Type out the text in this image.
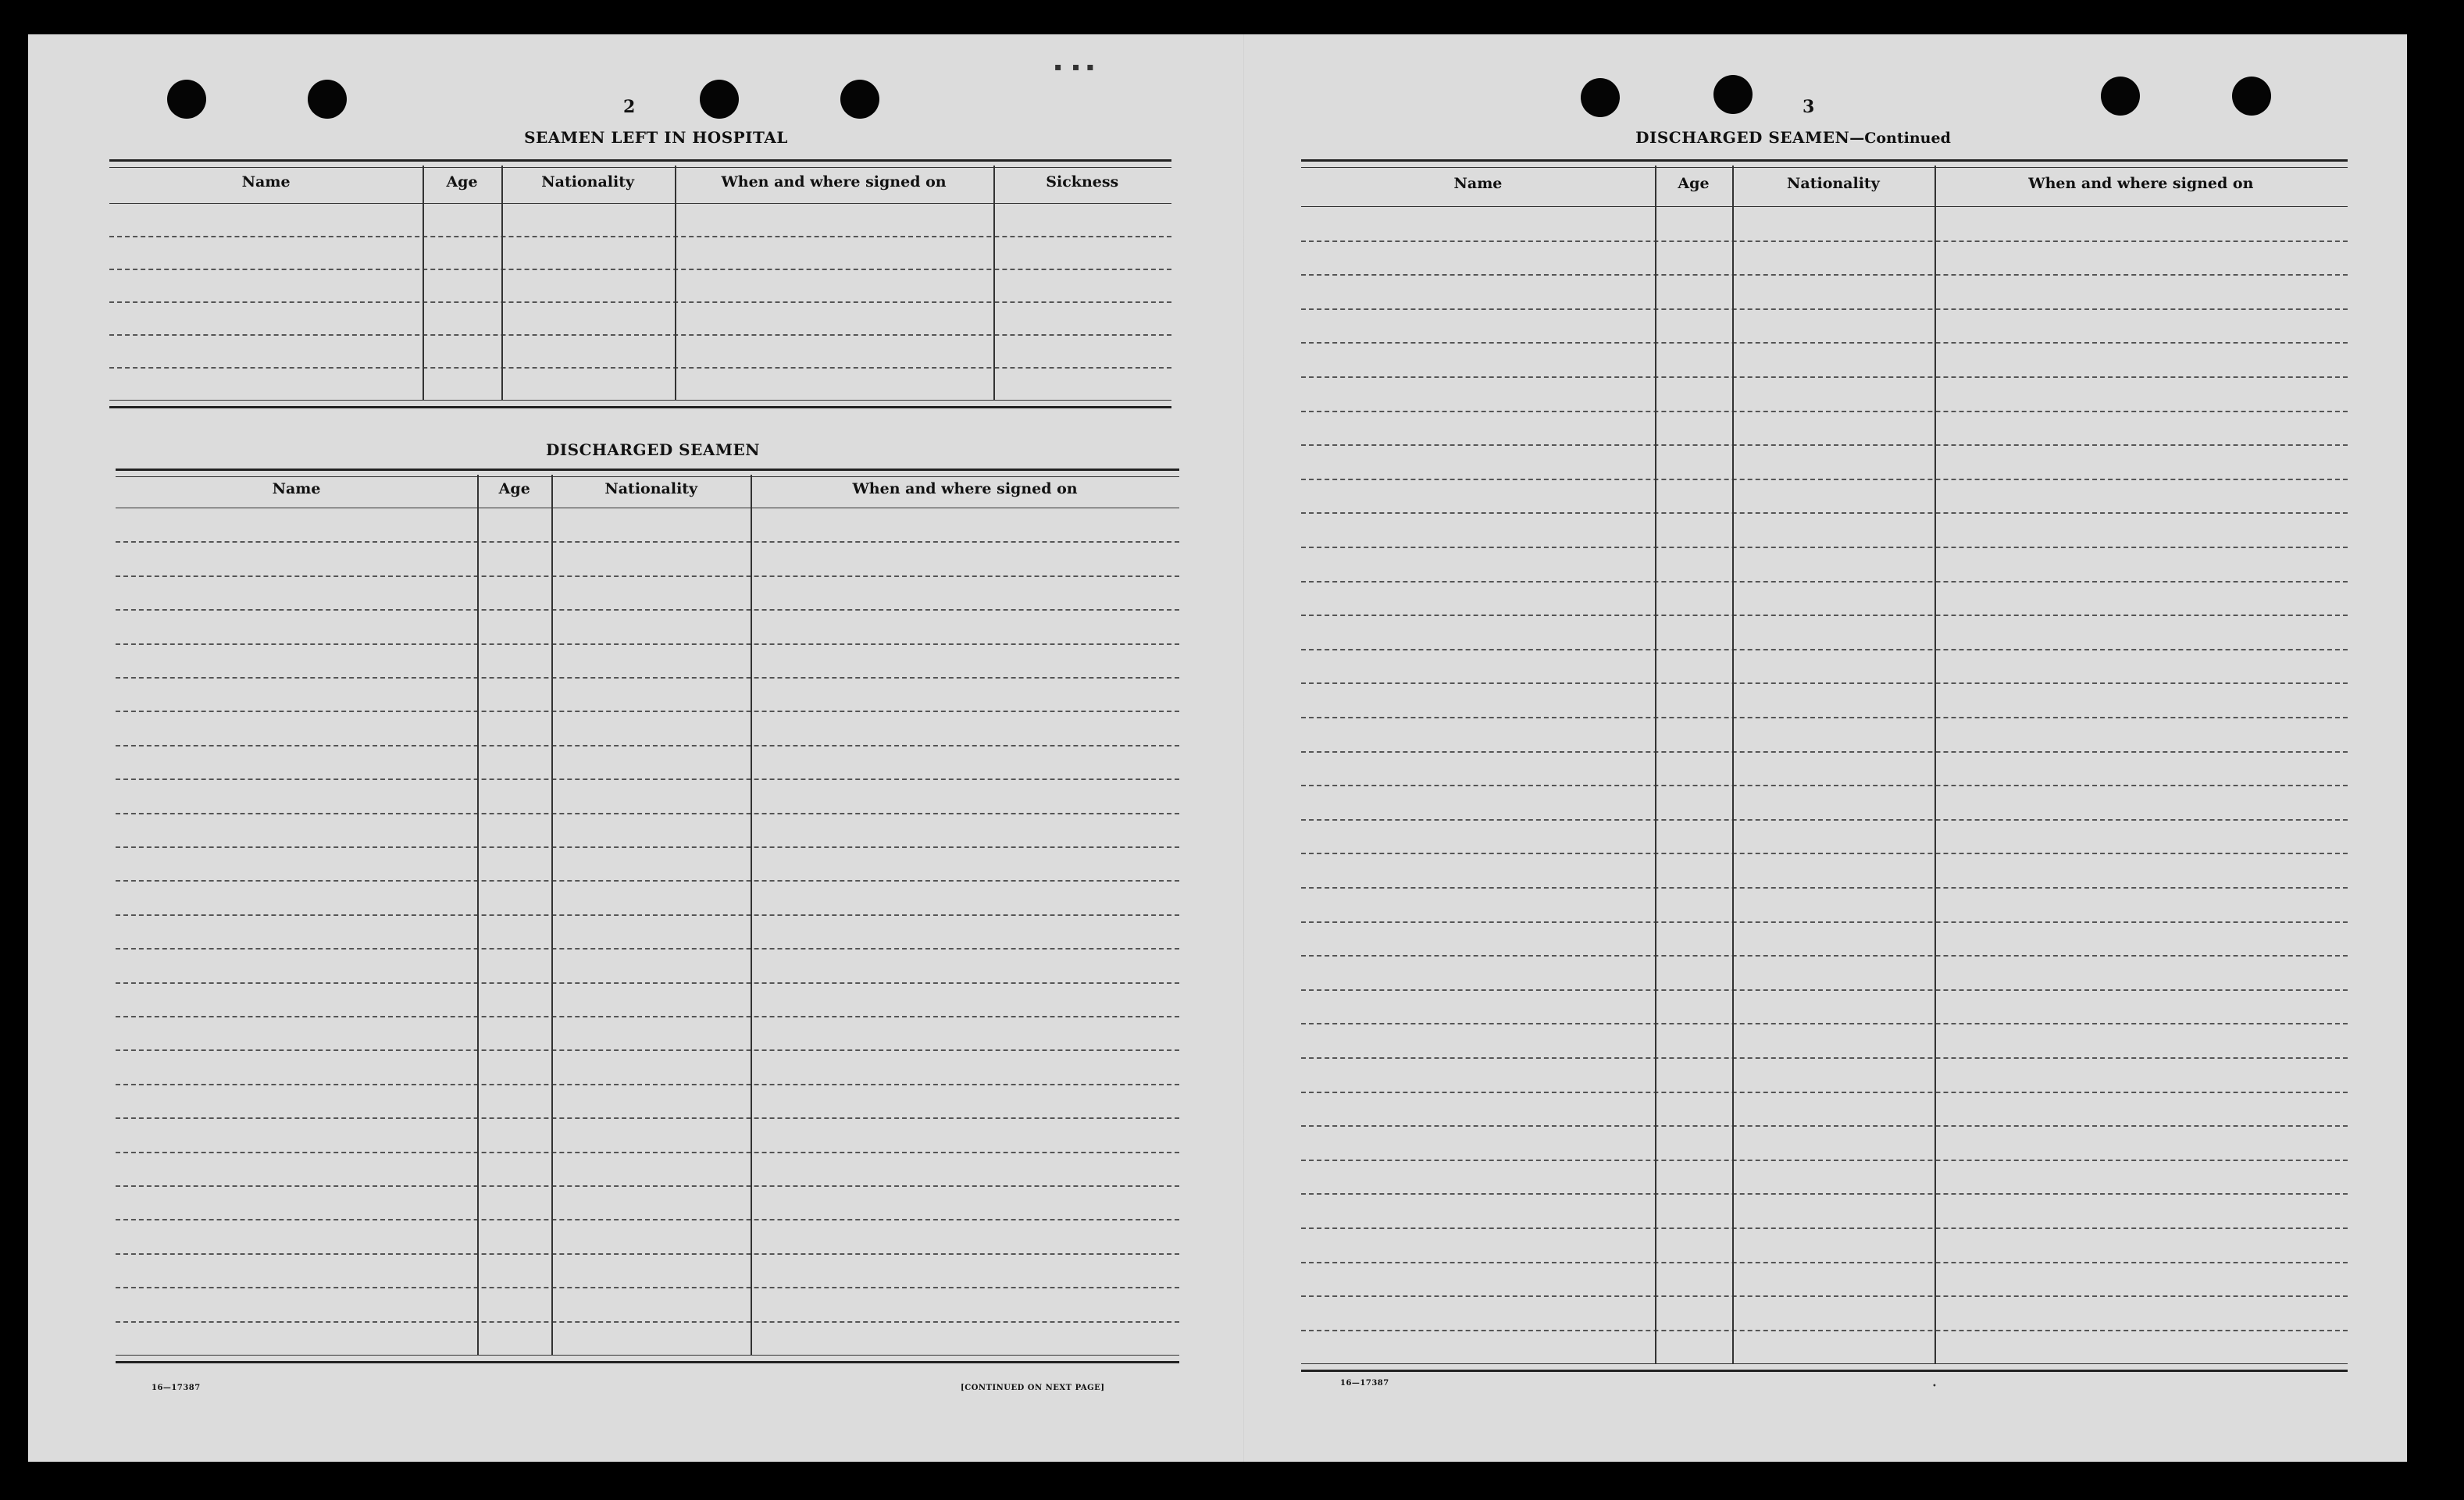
▪   ▪  ▪
2
SEAMEN LEFT IN HOSPITAL
Name	Age	Nationality	When and where signed on	Sickness
DISCHARGED SEAMEN
Name	Age	Nationality	When and where signed on
16—17387	[CONTINUED ON NEXT PAGE]
3
DISCHARGED SEAMEN—Continued
Name	Age	Nationality	When and where signed on
16—17387	•
